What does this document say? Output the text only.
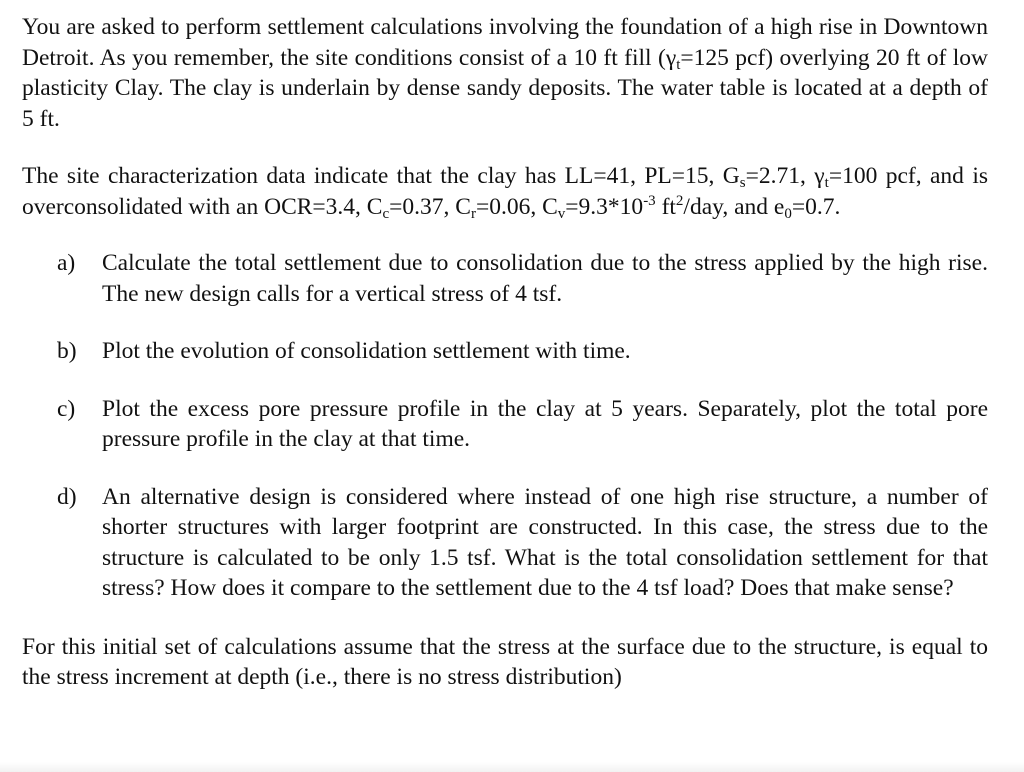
You are asked to perform settlement calculations involving the foundation of a high rise in Downtown Detroit. As you remember, the site conditions consist of a 10 ft fill ($\gamma_t=125$ pcf) overlying 20 ft of low plasticity Clay. The clay is underlain by dense sandy deposits. The water table is located at a depth of 5 ft.

The site characterization data indicate that the clay has LL=41, PL=15, $G_s=2.71$, $\gamma_t=100$ pcf, and is overconsolidated with an OCR=3.4, $C_c=0.37$, $C_r=0.06$, $C_v=9.3*10^{-3}$ $ft^2$/day, and $e_0=0.7$.

a) Calculate the total settlement due to consolidation due to the stress applied by the high rise. The new design calls for a vertical stress of 4 tsf.
b) Plot the evolution of consolidation settlement with time.
c) Plot the excess pore pressure profile in the clay at 5 years. Separately, plot the total pore pressure profile in the clay at that time.
d) An alternative design is considered where instead of one high rise structure, a number of shorter structures with larger footprint are constructed. In this case, the stress due to the structure is calculated to be only 1.5 tsf. What is the total consolidation settlement for that stress? How does it compare to the settlement due to the 4 tsf load? Does that make sense?

For this initial set of calculations assume that the stress at the surface due to the structure, is equal to the stress increment at depth (i.e., there is no stress distribution)
